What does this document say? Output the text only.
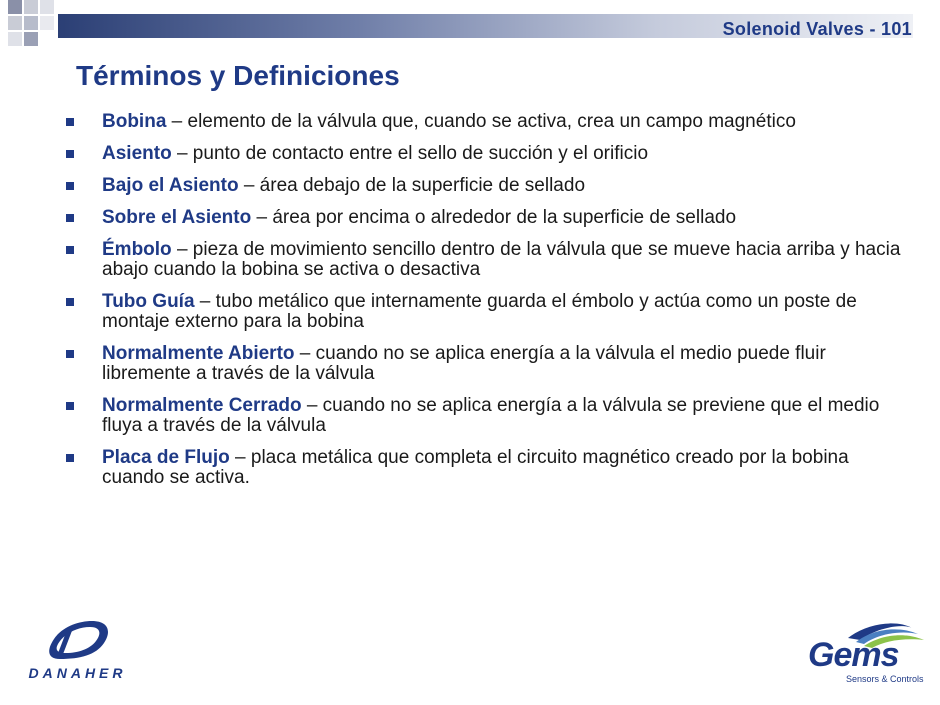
Solenoid Valves - 101
Términos y Definiciones
Bobina – elemento de la válvula que, cuando se activa, crea un campo magnético
Asiento – punto de contacto entre el sello de succión y el orificio
Bajo el Asiento – área debajo de la superficie de sellado
Sobre el Asiento – área por encima o alrededor de la superficie de sellado
Émbolo – pieza de movimiento sencillo dentro de la válvula que se mueve hacia arriba y hacia abajo cuando la bobina se activa o desactiva
Tubo Guía – tubo metálico que internamente guarda el émbolo y actúa como un poste de montaje externo para la bobina
Normalmente Abierto – cuando no se aplica energía a la válvula el medio puede fluir libremente a través de la válvula
Normalmente Cerrado – cuando no se aplica energía a la válvula se previene que el medio fluya a través de la válvula
Placa de Flujo – placa metálica que completa el circuito magnético creado por la bobina cuando se activa.
DANAHER	Gems
Sensors & Controls
